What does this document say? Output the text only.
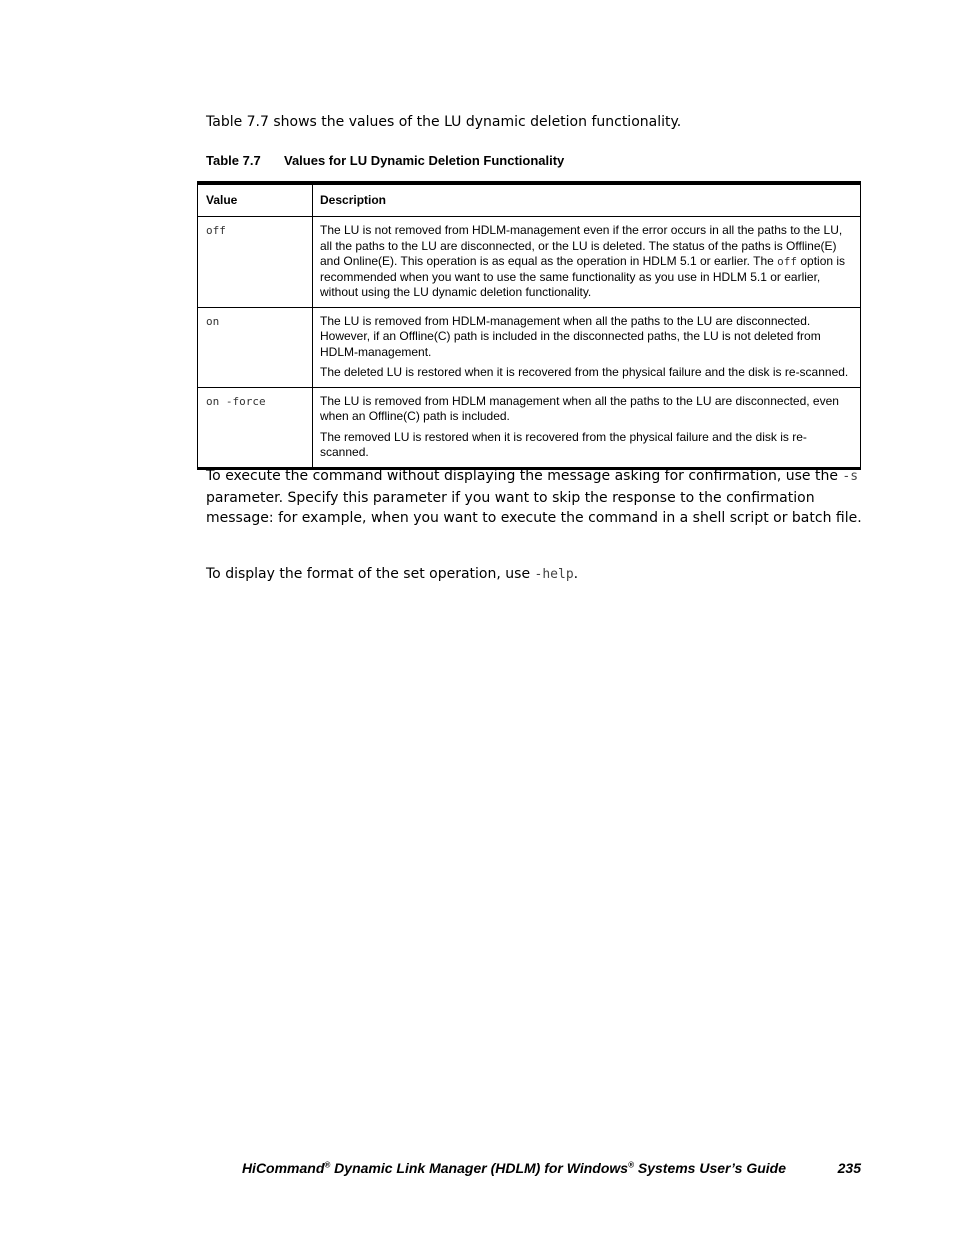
Table 7.7 shows the values of the LU dynamic deletion functionality.

Table 7.7 Values for LU Dynamic Deletion Functionality

Value	Description
off	The LU is not removed from HDLM-management even if the error occurs in all the paths to the LU, all the paths to the LU are disconnected, or the LU is deleted. The status of the paths is Offline(E) and Online(E). This operation is as equal as the operation in HDLM 5.1 or earlier. The off option is recommended when you want to use the same functionality as you use in HDLM 5.1 or earlier, without using the LU dynamic deletion functionality.

on	The LU is removed from HDLM-management when all the paths to the LU are disconnected. However, if an Offline(C) path is included in the disconnected paths, the LU is not deleted from HDLM-management.
The deleted LU is restored when it is recovered from the physical failure and the disk is re-scanned.

on -force	The LU is removed from HDLM management when all the paths to the LU are disconnected, even when an Offline(C) path is included.
The removed LU is restored when it is recovered from the physical failure and the disk is re-scanned.

To execute the command without displaying the message asking for confirmation, use the -s parameter. Specify this parameter if you want to skip the response to the confirmation message: for example, when you want to execute the command in a shell script or batch file.

To display the format of the set operation, use -help.

HiCommand® Dynamic Link Manager (HDLM) for Windows® Systems User’s Guide	235
